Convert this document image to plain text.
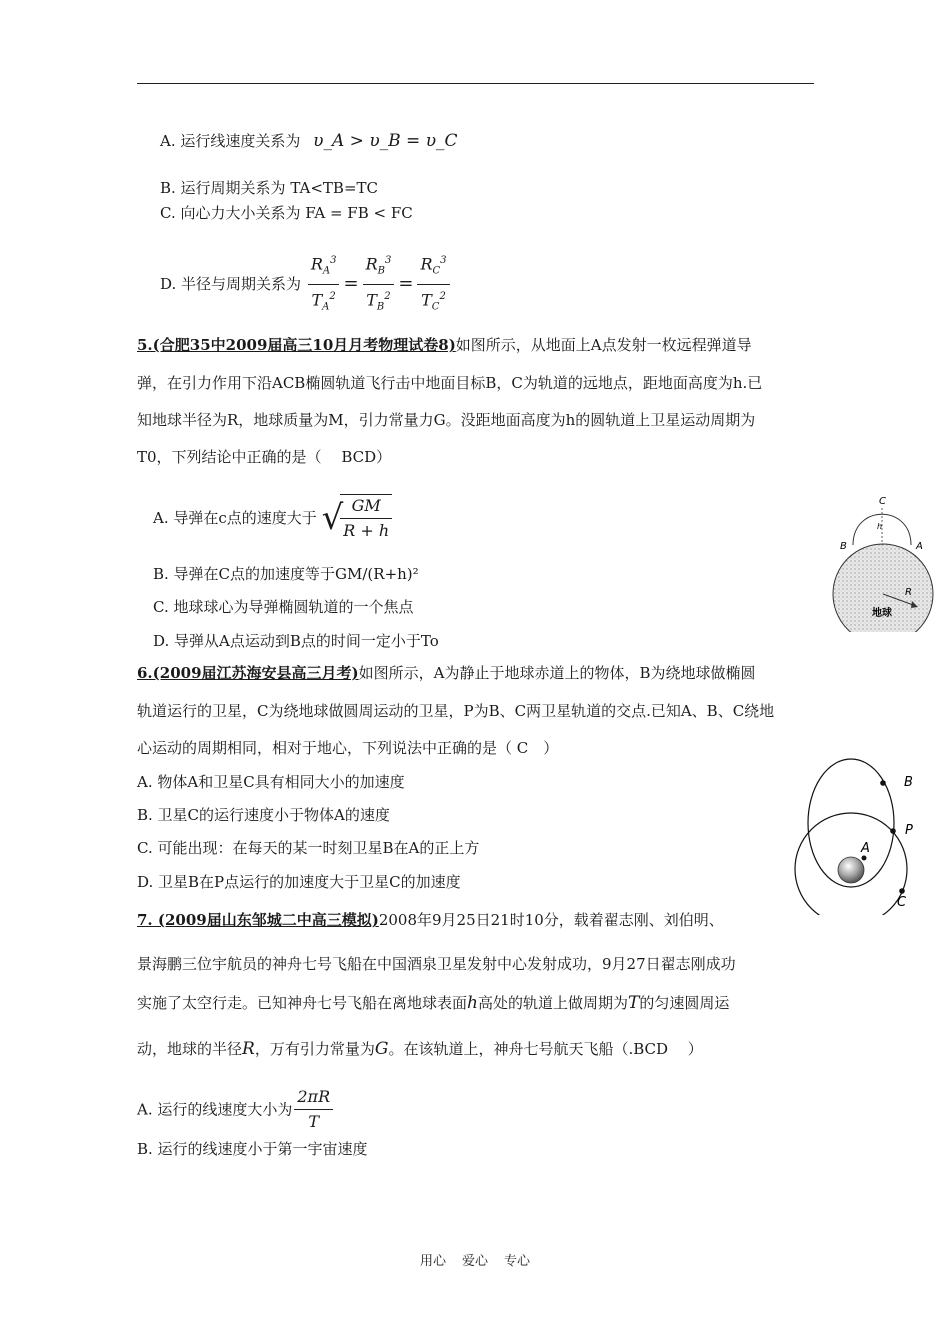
A. 运行线速度关系为 υ_A > υ_B = υ_C
B. 运行周期关系为 TA<TB=TC
C. 向心力大小关系为 FA = FB < FC
D. 半径与周期关系为 $\frac{R_A^3}{T_A^2} = \frac{R_B^3}{T_B^2} = \frac{R_C^3}{T_C^2}$
5.(合肥35中2009届高三10月月考物理试卷8)如图所示，从地面上A点发射一枚远程弹道导
弹，在引力作用下沿ACB椭圆轨道飞行击中地面目标B，C为轨道的远地点，距地面高度为h.已
知地球半径为R，地球质量为M，引力常量力G。没距地面高度为h的圆轨道上卫星运动周期为
T0，下列结论中正确的是（　 BCD）
A. 导弹在c点的速度大于 √
$\frac{GM}{R + h}$
B. 导弹在C点的加速度等于GM/(R+h)²
C. 地球球心为导弹椭圆轨道的一个焦点
D. 导弹从A点运动到B点的时间一定小于To
C
h
B	A
R
地球
6.(2009届江苏海安县高三月考)如图所示，A为静止于地球赤道上的物体，B为绕地球做椭圆
轨道运行的卫星，C为绕地球做圆周运动的卫星，P为B、C两卫星轨道的交点.已知A、B、C绕地
心运动的周期相同，相对于地心，下列说法中正确的是（ C　）
A. 物体A和卫星C具有相同大小的加速度
B. 卫星C的运行速度小于物体A的速度
C. 可能出现：在每天的某一时刻卫星B在A的正上方
D. 卫星B在P点运行的加速度大于卫星C的加速度
B
P
A
C
7. (2009届山东邹城二中高三模拟)2008年9月25日21时10分，载着翟志刚、刘伯明、
景海鹏三位宇航员的神舟七号飞船在中国酒泉卫星发射中心发射成功，9月27日翟志刚成功
实施了太空行走。已知神舟七号飞船在离地球表面h高处的轨道上做周期为T的匀速圆周运
动，地球的半径R，万有引力常量为G。在该轨道上，神舟七号航天飞船（.BCD　 ）
A. 运行的线速度大小为 $\frac{2\pi R}{T}$
B. 运行的线速度小于第一宇宙速度
用心 爱心 专心
